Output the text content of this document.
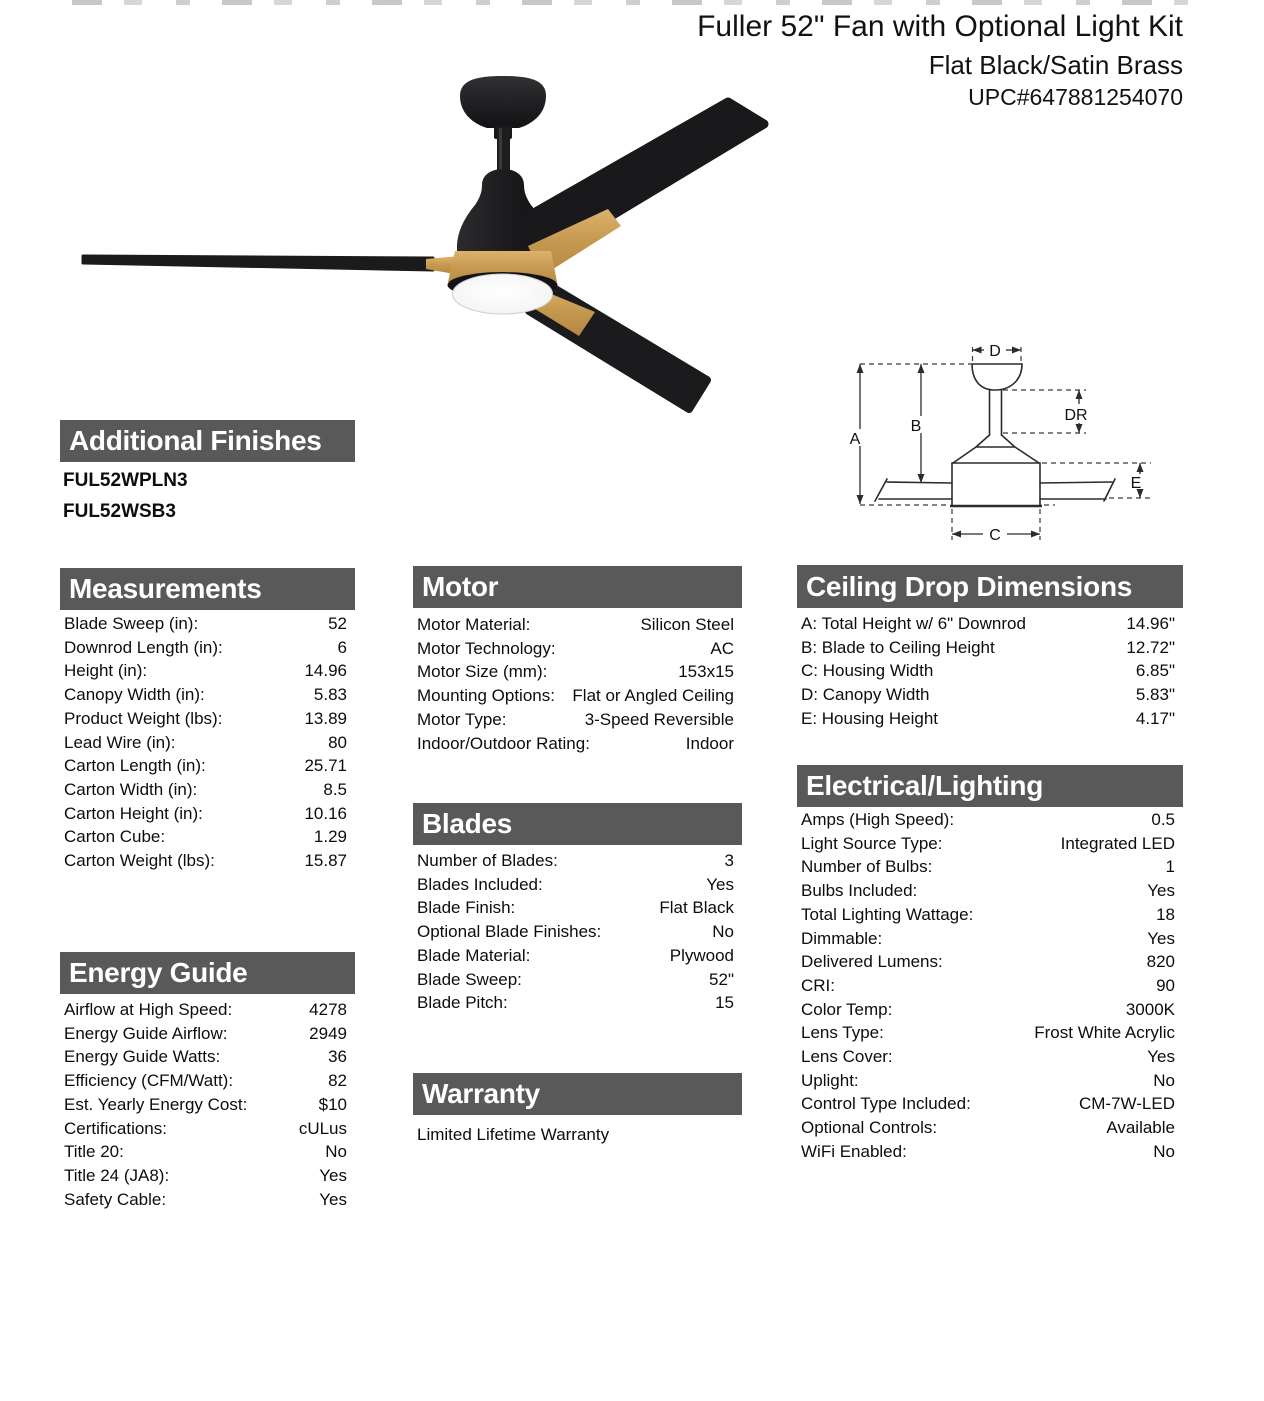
Fuller 52" Fan with Optional Light Kit
Flat Black/Satin Brass
UPC#647881254070
A
B
D
DR
E
C
Additional Finishes
FUL52WPLN3
FUL52WSB3
Measurements
Blade Sweep (in):	52
Downrod Length (in):	6
Height (in):	14.96
Canopy Width (in):	5.83
Product Weight (lbs):	13.89
Lead Wire (in):	80
Carton Length (in):	25.71
Carton Width (in):	8.5
Carton Height (in):	10.16
Carton Cube:	1.29
Carton Weight (lbs):	15.87
Energy Guide
Airflow at High Speed:	4278
Energy Guide Airflow:	2949
Energy Guide Watts:	36
Efficiency (CFM/Watt):	82
Est. Yearly Energy Cost:	$10
Certifications:	cULus
Title 20:	No
Title 24 (JA8):	Yes
Safety Cable:	Yes
Motor
Motor Material:	Silicon Steel
Motor Technology:	AC
Motor Size (mm):	153x15
Mounting Options: Flat or Angled Ceiling
Motor Type:	3-Speed Reversible
Indoor/Outdoor Rating:	Indoor
Blades
Number of Blades:	3
Blades Included:	Yes
Blade Finish:	Flat Black
Optional Blade Finishes:	No
Blade Material:	Plywood
Blade Sweep:	52"
Blade Pitch:	15
Warranty
Limited Lifetime Warranty
Ceiling Drop Dimensions
A: Total Height w/ 6" Downrod	14.96"
B: Blade to Ceiling Height	12.72"
C: Housing Width	6.85"
D: Canopy Width	5.83"
E: Housing Height	4.17"
Electrical/Lighting
Amps (High Speed):	0.5
Light Source Type:	Integrated LED
Number of Bulbs:	1
Bulbs Included:	Yes
Total Lighting Wattage:	18
Dimmable:	Yes
Delivered Lumens:	820
CRI:	90
Color Temp:	3000K
Lens Type:	Frost White Acrylic
Lens Cover:	Yes
Uplight:	No
Control Type Included:	CM-7W-LED
Optional Controls:	Available
WiFi Enabled:	No
